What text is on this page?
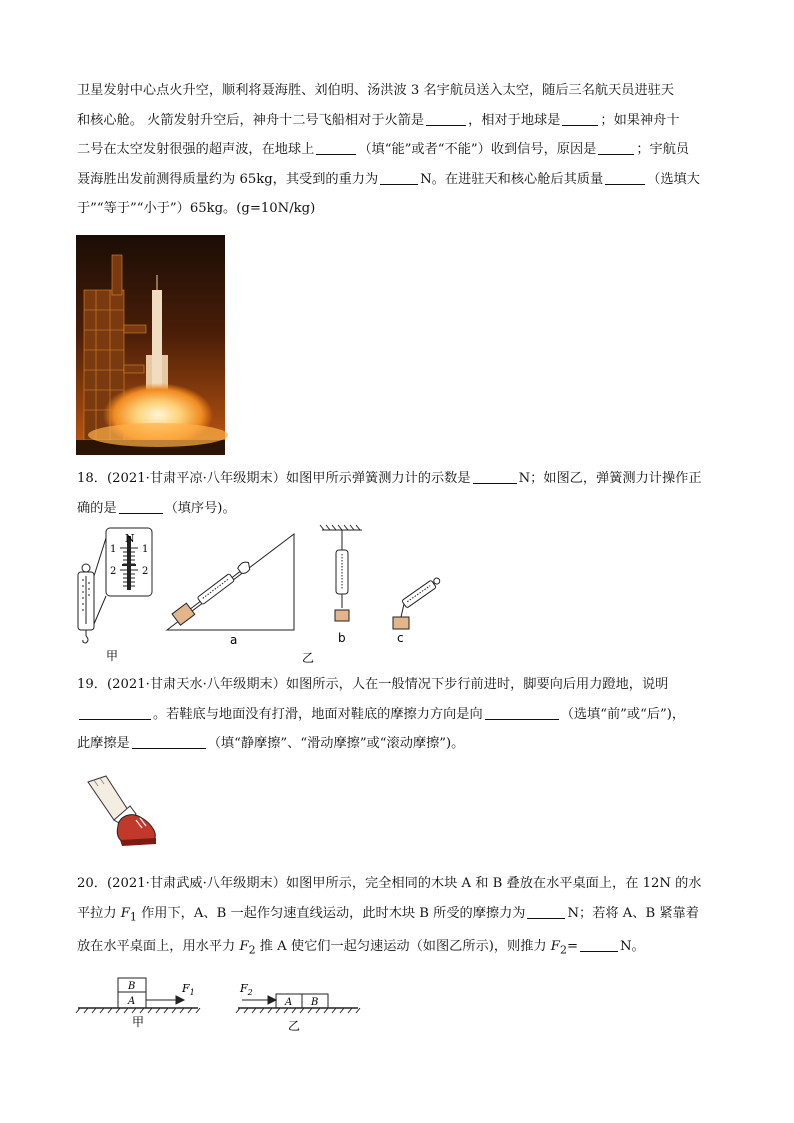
卫星发射中心点火升空，顺利将聂海胜、刘伯明、汤洪波 3 名宇航员送入太空，随后三名航天员进驻天
和核心舱。 火箭发射升空后，神舟十二号飞船相对于火箭是	，相对于地球是	；如果神舟十
二号在太空发射很强的超声波，在地球上	（填“能”或者“不能”）收到信号，原因是	；宇航员
聂海胜出发前测得质量约为 65kg，其受到的重力为	N。在进驻天和核心舱后其质量	（选填大
于”“等于”“小于”）65kg。(g=10N/kg)
18．(2021·甘肃平凉·八年级期末）如图甲所示弹簧测力计的示数是	N；如图乙，弹簧测力计操作正
确的是	（填序号)。
N
1
2
1
2
a	b	c
甲	乙
19．(2021·甘肃天水·八年级期末）如图所示，人在一般情况下步行前进时，脚要向后用力蹬地，说明
。若鞋底与地面没有打滑，地面对鞋底的摩擦力方向是向	（选填“前”或“后”)，
此摩擦是	（填“静摩擦”、“滑动摩擦”或“滚动摩擦”)。
20．(2021·甘肃武威·八年级期末）如图甲所示，完全相同的木块 A 和 B 叠放在水平桌面上，在 12N 的水
平拉力 $F_1$ 作用下，A、B 一起作匀速直线运动，此时木块 B 所受的摩擦力为	N；若将 A、B 紧靠着
放在水平桌面上，用水平力 $F_2$ 推 A 使它们一起匀速运动（如图乙所示)，则推力 $F_2=$	N。
B
A
$F_1$
甲
A B
$F_2$
乙
